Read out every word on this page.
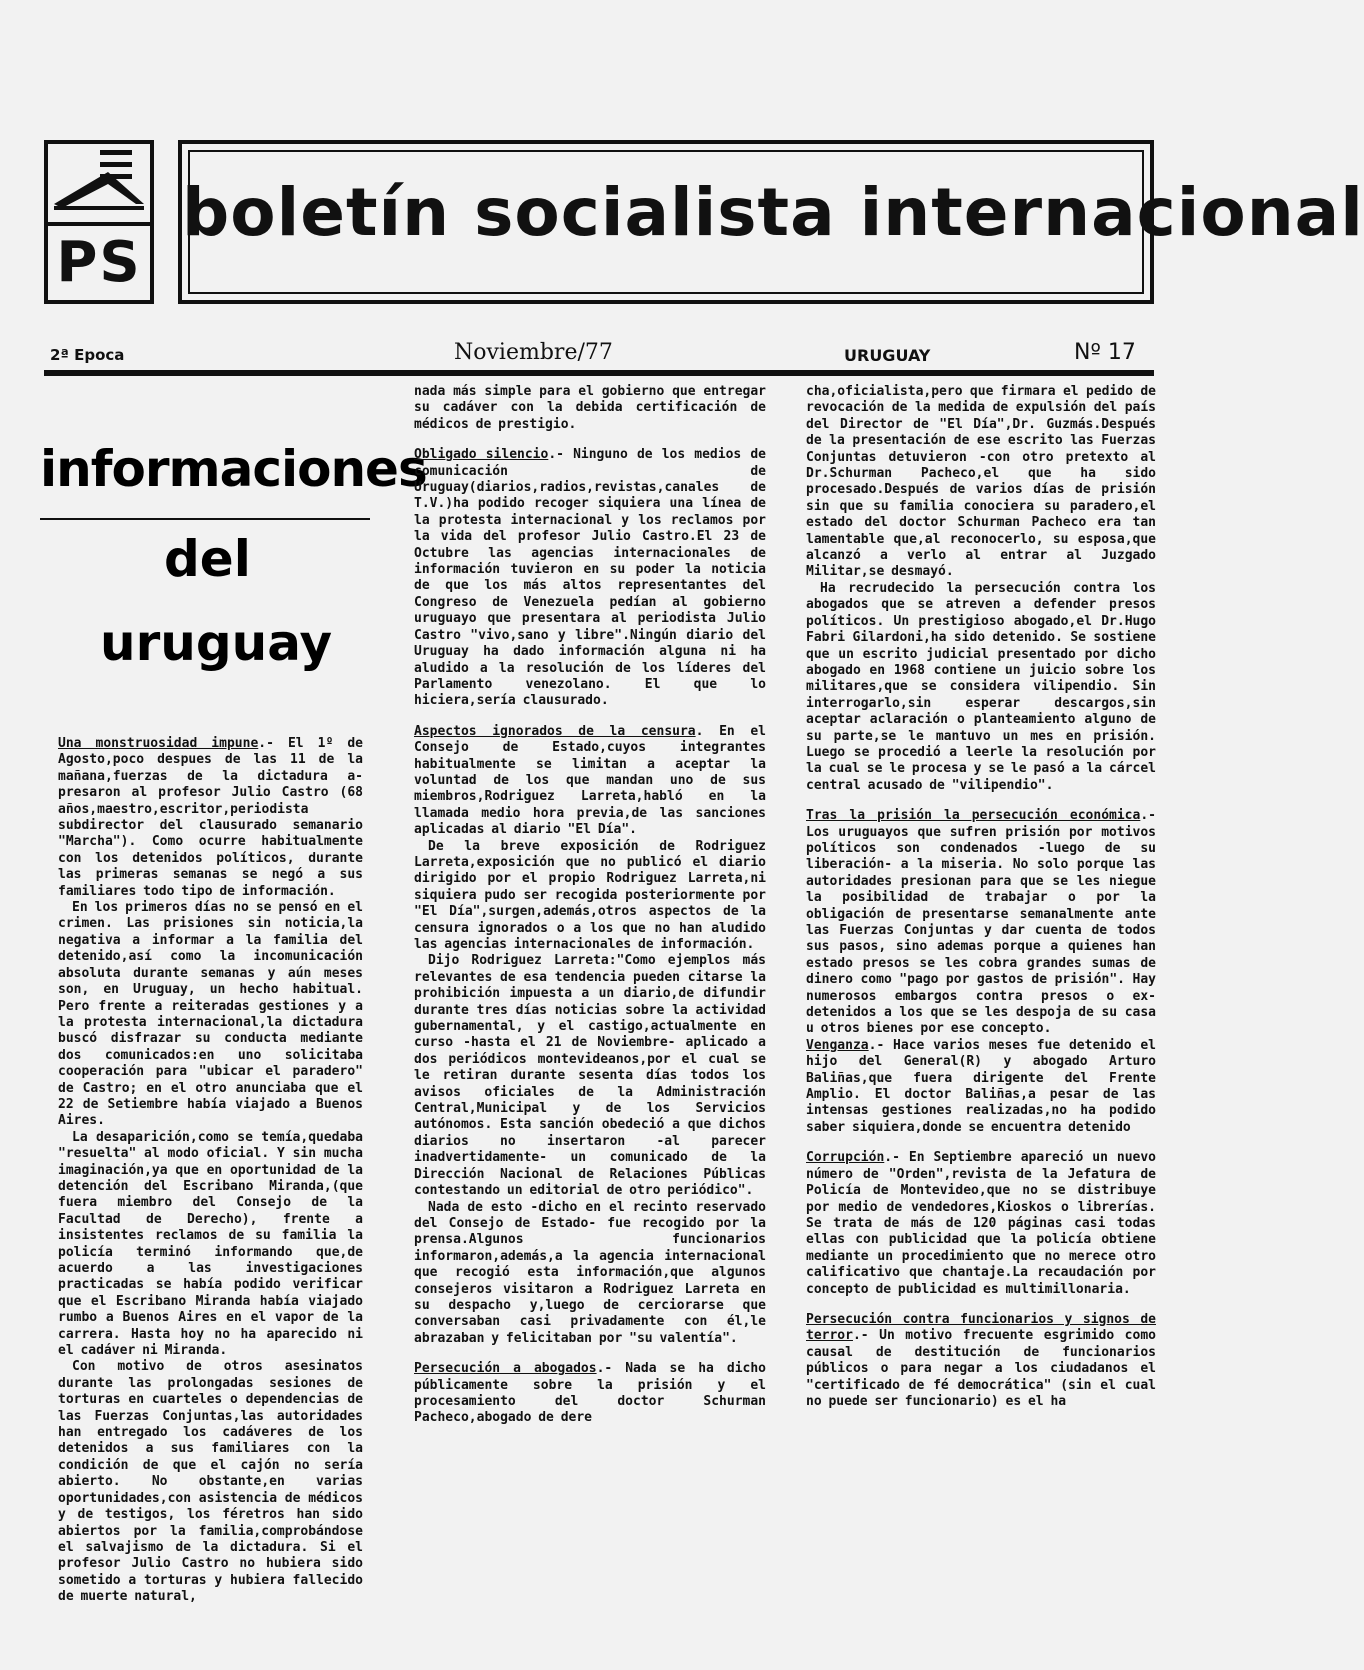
PS
boletín socialista internacional
2ª Epoca	Noviembre/77	URUGUAY	Nº 17
informaciones
del
uruguay

Una monstruosidad impune.- El 1º de Agosto,poco despues de las 11 de la mañana,fuerzas de la dictadura a-presaron al profesor Julio Castro (68 años,maestro,escritor,periodista subdirector del clausurado semanario "Marcha"). Como ocurre habitualmente con los detenidos políticos, durante las primeras semanas se negó a sus familiares todo tipo de información.

En los primeros días no se pensó en el crimen. Las prisiones sin noticia,la negativa a informar a la familia del detenido,así como la incomunicación absoluta durante semanas y aún meses son, en Uruguay, un hecho habitual. Pero frente a reiteradas gestiones y a la protesta internacional,la dictadura buscó disfrazar su conducta mediante dos comunicados:en uno solicitaba cooperación para "ubicar el paradero" de Castro; en el otro anunciaba que el 22 de Setiembre había viajado a Buenos Aires.

La desaparición,como se temía,quedaba "resuelta" al modo oficial. Y sin mucha imaginación,ya que en oportunidad de la detención del Escribano Miranda,(que fuera miembro del Consejo de la Facultad de Derecho), frente a insistentes reclamos de su familia la policía terminó informando que,de acuerdo a las investigaciones practicadas se había podido verificar que el Escribano Miranda había viajado rumbo a Buenos Aires en el vapor de la carrera. Hasta hoy no ha aparecido ni el cadáver ni Miranda.

Con motivo de otros asesinatos durante las prolongadas sesiones de torturas en cuarteles o dependencias de las Fuerzas Conjuntas,las autoridades han entregado los cadáveres de los detenidos a sus familiares con la condición de que el cajón no sería abierto. No obstante,en varias oportunidades,con asistencia de médicos y de testigos, los féretros han sido abiertos por la familia,comprobándose el salvajismo de la dictadura. Si el profesor Julio Castro no hubiera sido sometido a torturas y hubiera fallecido de muerte natural,

nada más simple para el gobierno que entregar su cadáver con la debida certificación de médicos de prestigio.

Obligado silencio.- Ninguno de los medios de comunicación de Uruguay(diarios,radios,revistas,canales de T.V.)ha podido recoger siquiera una línea de la protesta internacional y los reclamos por la vida del profesor Julio Castro.El 23 de Octubre las agencias internacionales de información tuvieron en su poder la noticia de que los más altos representantes del Congreso de Venezuela pedían al gobierno uruguayo que presentara al periodista Julio Castro "vivo,sano y libre".Ningún diario del Uruguay ha dado información alguna ni ha aludido a la resolución de los líderes del Parlamento venezolano. El que lo hiciera,sería clausurado.

Aspectos ignorados de la censura. En el Consejo de Estado,cuyos integrantes habitualmente se limitan a aceptar la voluntad de los que mandan uno de sus miembros,Rodriguez Larreta,habló en la llamada medio hora previa,de las sanciones aplicadas al diario "El Día".

De la breve exposición de Rodriguez Larreta,exposición que no publicó el diario dirigido por el propio Rodriguez Larreta,ni siquiera pudo ser recogida posteriormente por "El Día",surgen,además,otros aspectos de la censura ignorados o a los que no han aludido las agencias internacionales de información.

Dijo Rodriguez Larreta:"Como ejemplos más relevantes de esa tendencia pueden citarse la prohibición impuesta a un diario,de difundir durante tres días noticias sobre la actividad gubernamental, y el castigo,actualmente en curso -hasta el 21 de Noviembre- aplicado a dos periódicos montevideanos,por el cual se le retiran durante sesenta días todos los avisos oficiales de la Administración Central,Municipal y de los Servicios autónomos. Esta sanción obedeció a que dichos diarios no insertaron -al parecer inadvertidamente- un comunicado de la Dirección Nacional de Relaciones Públicas contestando un editorial de otro periódico".

Nada de esto -dicho en el recinto reservado del Consejo de Estado- fue recogido por la prensa.Algunos funcionarios informaron,además,a la agencia internacional que recogió esta información,que algunos consejeros visitaron a Rodriguez Larreta en su despacho y,luego de cerciorarse que conversaban casi privadamente con él,le abrazaban y felicitaban por "su valentía".

Persecución a abogados.- Nada se ha dicho públicamente sobre la prisión y el procesamiento del doctor Schurman Pacheco,abogado de dere

cha,oficialista,pero que firmara el pedido de revocación de la medida de expulsión del país del Director de "El Día",Dr. Guzmás.Después de la presentación de ese escrito las Fuerzas Conjuntas detuvieron -con otro pretexto al Dr.Schurman Pacheco,el que ha sido procesado.Después de varios días de prisión sin que su familia conociera su paradero,el estado del doctor Schurman Pacheco era tan lamentable que,al reconocerlo, su esposa,que alcanzó a verlo al entrar al Juzgado Militar,se desmayó.

Ha recrudecido la persecución contra los abogados que se atreven a defender presos políticos. Un prestigioso abogado,el Dr.Hugo Fabri Gilardoni,ha sido detenido. Se sostiene que un escrito judicial presentado por dicho abogado en 1968 contiene un juicio sobre los militares,que se considera vilipendio. Sin interrogarlo,sin esperar descargos,sin aceptar aclaración o planteamiento alguno de su parte,se le mantuvo un mes en prisión. Luego se procedió a leerle la resolución por la cual se le procesa y se le pasó a la cárcel central acusado de "vilipendio".

Tras la prisión la persecución económica.- Los uruguayos que sufren prisión por motivos políticos son condenados -luego de su liberación- a la miseria. No solo porque las autoridades presionan para que se les niegue la posibilidad de trabajar o por la obligación de presentarse semanalmente ante las Fuerzas Conjuntas y dar cuenta de todos sus pasos, sino ademas porque a quienes han estado presos se les cobra grandes sumas de dinero como "pago por gastos de prisión". Hay numerosos embargos contra presos o ex-detenidos a los que se les despoja de su casa u otros bienes por ese concepto.

Venganza.- Hace varios meses fue detenido el hijo del General(R) y abogado Arturo Baliñas,que fuera dirigente del Frente Amplio. El doctor Baliñas,a pesar de las intensas gestiones realizadas,no ha podido saber siquiera,donde se encuentra detenido

Corrupción.- En Septiembre apareció un nuevo número de "Orden",revista de la Jefatura de Policía de Montevideo,que no se distribuye por medio de vendedores,Kioskos o librerías. Se trata de más de 120 páginas casi todas ellas con publicidad que la policía obtiene mediante un procedimiento que no merece otro calificativo que chantaje.La recaudación por concepto de publicidad es multimillonaria.

Persecución contra funcionarios y signos de terror.- Un motivo frecuente esgrimido como causal de destitución de funcionarios públicos o para negar a los ciudadanos el "certificado de fé democrática" (sin el cual no puede ser funcionario) es el ha
